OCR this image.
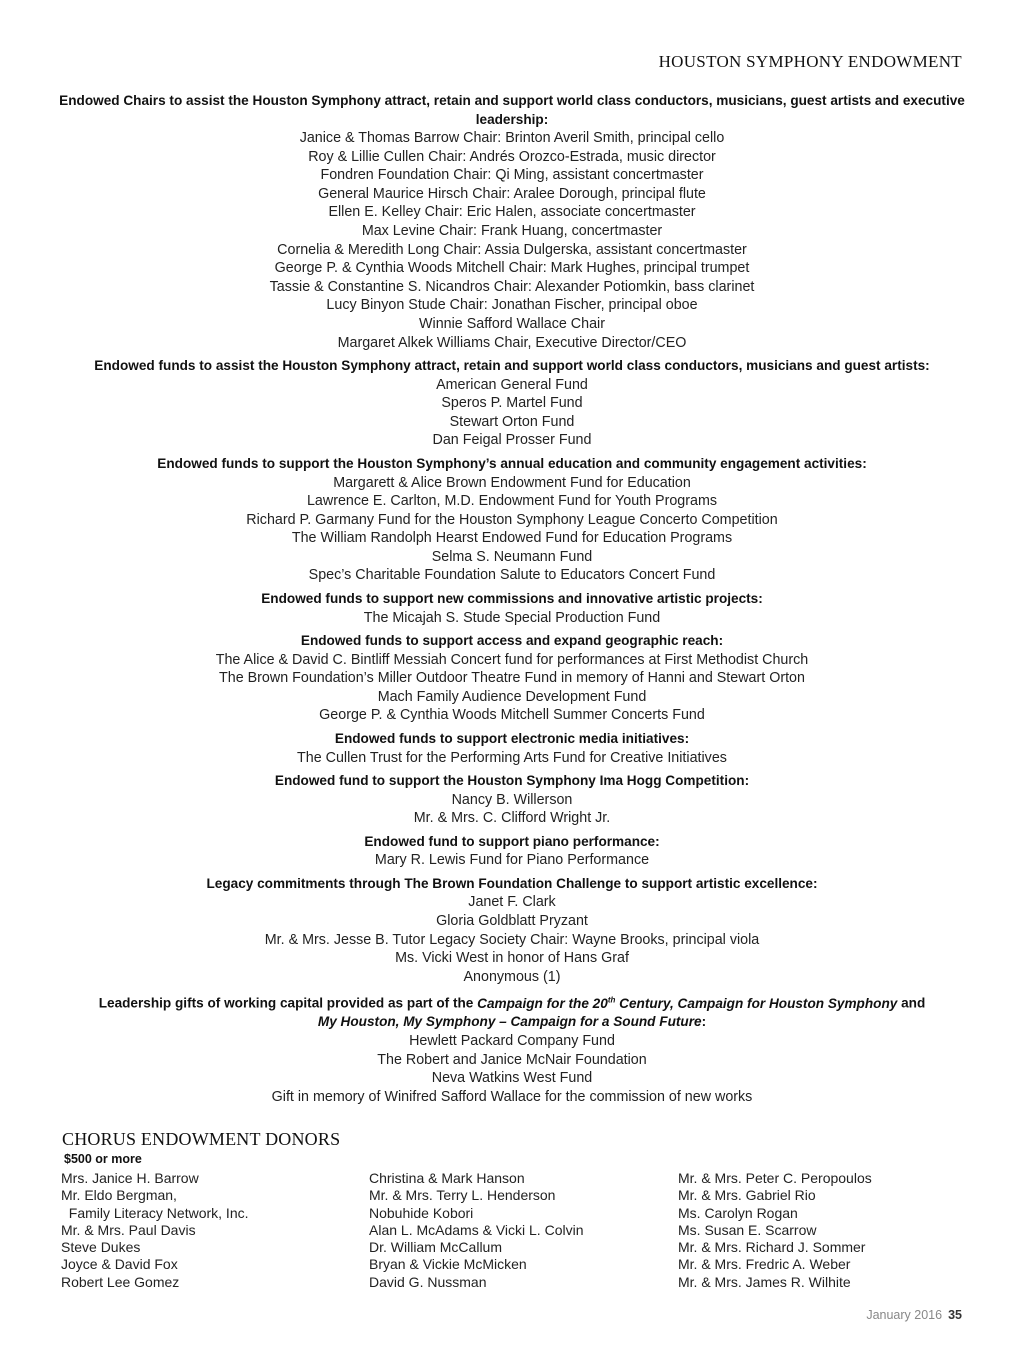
HOUSTON SYMPHONY ENDOWMENT
Endowed Chairs to assist the Houston Symphony attract, retain and support world class conductors, musicians, guest artists and executive leadership:
Janice & Thomas Barrow Chair: Brinton Averil Smith, principal cello
Roy & Lillie Cullen Chair: Andrés Orozco-Estrada, music director
Fondren Foundation Chair: Qi Ming, assistant concertmaster
General Maurice Hirsch Chair: Aralee Dorough, principal flute
Ellen E. Kelley Chair: Eric Halen, associate concertmaster
Max Levine Chair: Frank Huang, concertmaster
Cornelia & Meredith Long Chair: Assia Dulgerska, assistant concertmaster
George P. & Cynthia Woods Mitchell Chair: Mark Hughes, principal trumpet
Tassie & Constantine S. Nicandros Chair: Alexander Potiomkin, bass clarinet
Lucy Binyon Stude Chair: Jonathan Fischer, principal oboe
Winnie Safford Wallace Chair
Margaret Alkek Williams Chair, Executive Director/CEO
Endowed funds to assist the Houston Symphony attract, retain and support world class conductors, musicians and guest artists:
American General Fund
Speros P. Martel Fund
Stewart Orton Fund
Dan Feigal Prosser Fund
Endowed funds to support the Houston Symphony’s annual education and community engagement activities:
Margarett & Alice Brown Endowment Fund for Education
Lawrence E. Carlton, M.D. Endowment Fund for Youth Programs
Richard P. Garmany Fund for the Houston Symphony League Concerto Competition
The William Randolph Hearst Endowed Fund for Education Programs
Selma S. Neumann Fund
Spec’s Charitable Foundation Salute to Educators Concert Fund
Endowed funds to support new commissions and innovative artistic projects:
The Micajah S. Stude Special Production Fund
Endowed funds to support access and expand geographic reach:
The Alice & David C. Bintliff Messiah Concert fund for performances at First Methodist Church
The Brown Foundation’s Miller Outdoor Theatre Fund in memory of Hanni and Stewart Orton
Mach Family Audience Development Fund
George P. & Cynthia Woods Mitchell Summer Concerts Fund
Endowed funds to support electronic media initiatives:
The Cullen Trust for the Performing Arts Fund for Creative Initiatives
Endowed fund to support the Houston Symphony Ima Hogg Competition:
Nancy B. Willerson
Mr. & Mrs. C. Clifford Wright Jr.
Endowed fund to support piano performance:
Mary R. Lewis Fund for Piano Performance
Legacy commitments through The Brown Foundation Challenge to support artistic excellence:
Janet F. Clark
Gloria Goldblatt Pryzant
Mr. & Mrs. Jesse B. Tutor Legacy Society Chair: Wayne Brooks, principal viola
Ms. Vicki West in honor of Hans Graf
Anonymous (1)
Leadership gifts of working capital provided as part of the Campaign for the 20th Century, Campaign for Houston Symphony and
My Houston, My Symphony – Campaign for a Sound Future:
Hewlett Packard Company Fund
The Robert and Janice McNair Foundation
Neva Watkins West Fund
Gift in memory of Winifred Safford Wallace for the commission of new works
CHORUS ENDOWMENT DONORS
$500 or more
Mrs. Janice H. Barrow
Mr. Eldo Bergman,
Family Literacy Network, Inc.
Mr. & Mrs. Paul Davis
Steve Dukes
Joyce & David Fox
Robert Lee Gomez
Christina & Mark Hanson
Mr. & Mrs. Terry L. Henderson
Nobuhide Kobori
Alan L. McAdams & Vicki L. Colvin
Dr. William McCallum
Bryan & Vickie McMicken
David G. Nussman
Mr. & Mrs. Peter C. Peropoulos
Mr. & Mrs. Gabriel Rio
Ms. Carolyn Rogan
Ms. Susan E. Scarrow
Mr. & Mrs. Richard J. Sommer
Mr. & Mrs. Fredric A. Weber
Mr. & Mrs. James R. Wilhite
January 2016 35
